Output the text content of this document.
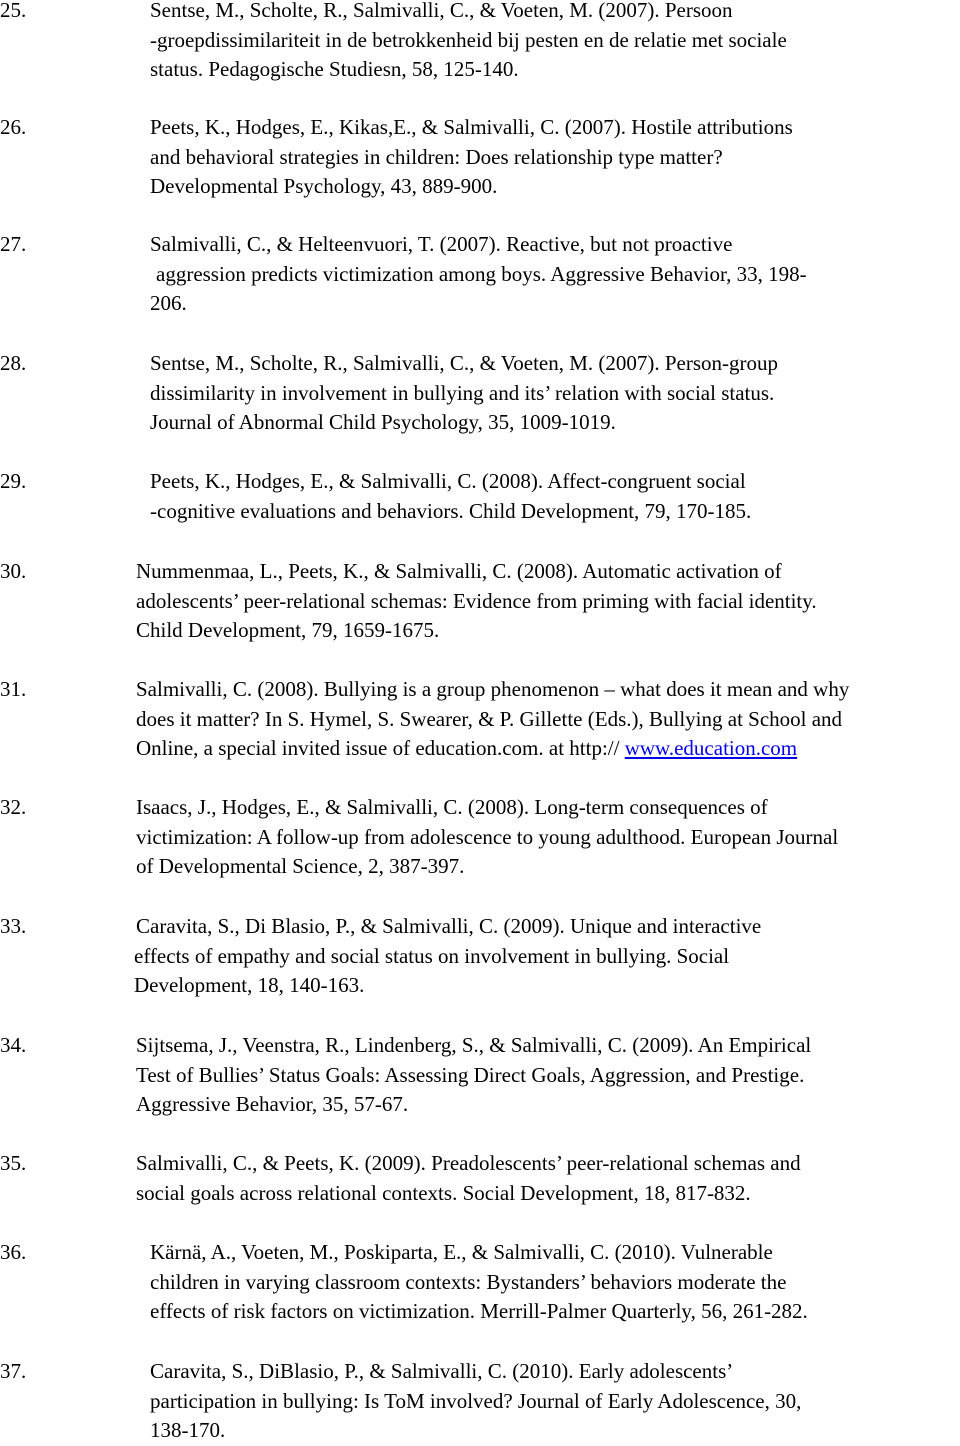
25.	Sentse, M., Scholte, R., Salmivalli, C., & Voeten, M. (2007). Persoon
-groepdissimilariteit in de betrokkenheid bij pesten en de relatie met sociale
status. Pedagogische Studiesn, 58, 125-140.
26.	Peets, K., Hodges, E., Kikas,E., & Salmivalli, C. (2007). Hostile attributions
and behavioral strategies in children: Does relationship type matter?
Developmental Psychology, 43, 889-900.
27.	Salmivalli, C., & Helteenvuori, T. (2007). Reactive, but not proactive
aggression predicts victimization among boys. Aggressive Behavior, 33, 198-
206.
28.	Sentse, M., Scholte, R., Salmivalli, C., & Voeten, M. (2007). Person-group
dissimilarity in involvement in bullying and its’ relation with social status.
Journal of Abnormal Child Psychology, 35, 1009-1019.
29.	Peets, K., Hodges, E., & Salmivalli, C. (2008). Affect-congruent social
-cognitive evaluations and behaviors. Child Development, 79, 170-185.
30.	Nummenmaa, L., Peets, K., & Salmivalli, C. (2008). Automatic activation of
adolescents’ peer-relational schemas: Evidence from priming with facial identity.
Child Development, 79, 1659-1675.
31.	Salmivalli, C. (2008). Bullying is a group phenomenon – what does it mean and why
does it matter? In S. Hymel, S. Swearer, & P. Gillette (Eds.), Bullying at School and
Online, a special invited issue of education.com. at http:// www.education.com
32.	Isaacs, J., Hodges, E., & Salmivalli, C. (2008). Long-term consequences of
victimization: A follow-up from adolescence to young adulthood. European Journal
of Developmental Science, 2, 387-397.
33.	Caravita, S., Di Blasio, P., & Salmivalli, C. (2009). Unique and interactive
effects of empathy and social status on involvement in bullying. Social
Development, 18, 140-163.
34.	Sijtsema, J., Veenstra, R., Lindenberg, S., & Salmivalli, C. (2009). An Empirical
Test of Bullies’ Status Goals: Assessing Direct Goals, Aggression, and Prestige.
Aggressive Behavior, 35, 57-67.
35.	Salmivalli, C., & Peets, K. (2009). Preadolescents’ peer-relational schemas and
social goals across relational contexts. Social Development, 18, 817-832.
36.	Kärnä, A., Voeten, M., Poskiparta, E., & Salmivalli, C. (2010). Vulnerable
children in varying classroom contexts: Bystanders’ behaviors moderate the
effects of risk factors on victimization. Merrill-Palmer Quarterly, 56, 261-282.
37.	Caravita, S., DiBlasio, P., & Salmivalli, C. (2010). Early adolescents’
participation in bullying: Is ToM involved? Journal of Early Adolescence, 30,
138-170.
